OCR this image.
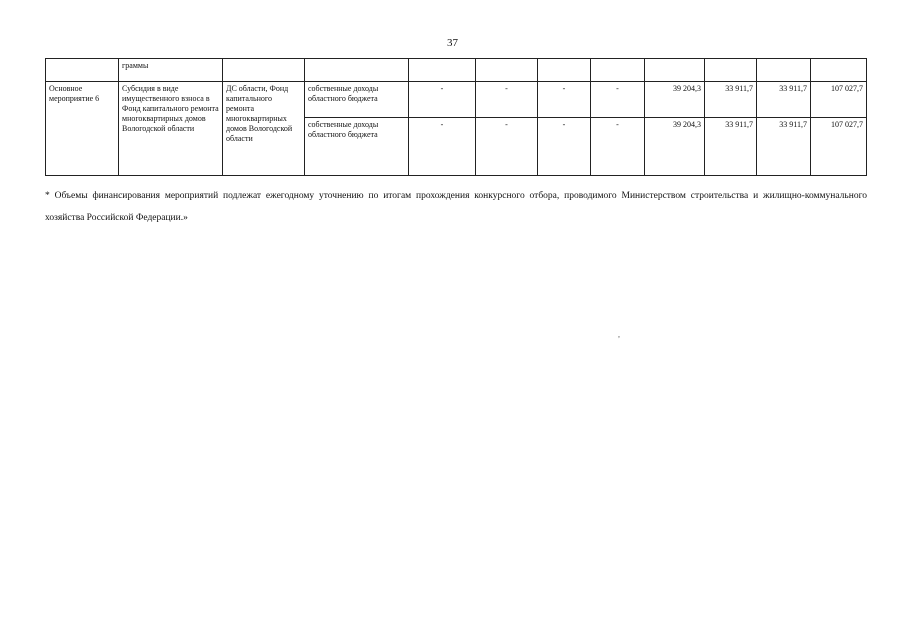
37
	граммы										
Основное мероприятие 6	Субсидия в виде имущественного взноса в Фонд капитального ремонта многоквартирных домов Вологодской области	ДС области, Фонд капитального ремонта многоквартирных домов Вологодской области	собственные доходы областного бюджета	-	-	-	-	39 204,3	33 911,7	33 911,7	107 027,7
			собственные доходы областного бюджета	-	-	-	-	39 204,3	33 911,7	33 911,7	107 027,7
* Объемы финансирования мероприятий подлежат ежегодному уточнению по итогам прохождения конкурсного отбора, проводимого Министерством строительства и жилищно-коммунального хозяйства Российской Федерации.»
,
